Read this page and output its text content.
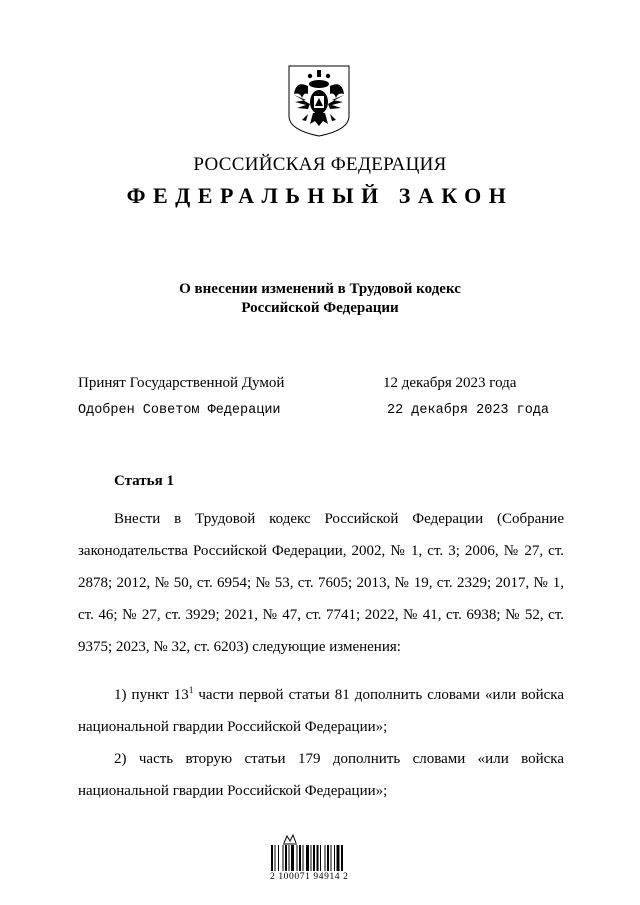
РОССИЙСКАЯ ФЕДЕРАЦИЯ
ФЕДЕРАЛЬНЫЙ ЗАКОН
О внесении изменений в Трудовой кодекс
Российской Федерации
Принят Государственной Думой	12 декабря 2023 года
Одобрен Советом Федерации	22 декабря 2023 года
Статья 1

Внести в Трудовой кодекс Российской Федерации (Собрание законодательства Российской Федерации, 2002, № 1, ст. 3; 2006, № 27, ст. 2878; 2012, № 50, ст. 6954; № 53, ст. 7605; 2013, № 19, ст. 2329; 2017, № 1, ст. 46; № 27, ст. 3929; 2021, № 47, ст. 7741; 2022, № 41, ст. 6938; № 52, ст. 9375; 2023, № 32, ст. 6203) следующие изменения:

1) пункт $13^1$ части первой статьи 81 дополнить словами «или войска национальной гвардии Российской Федерации»;

2) часть вторую статьи 179 дополнить словами «или войска национальной гвардии Российской Федерации»;

2 100071 94914 2
